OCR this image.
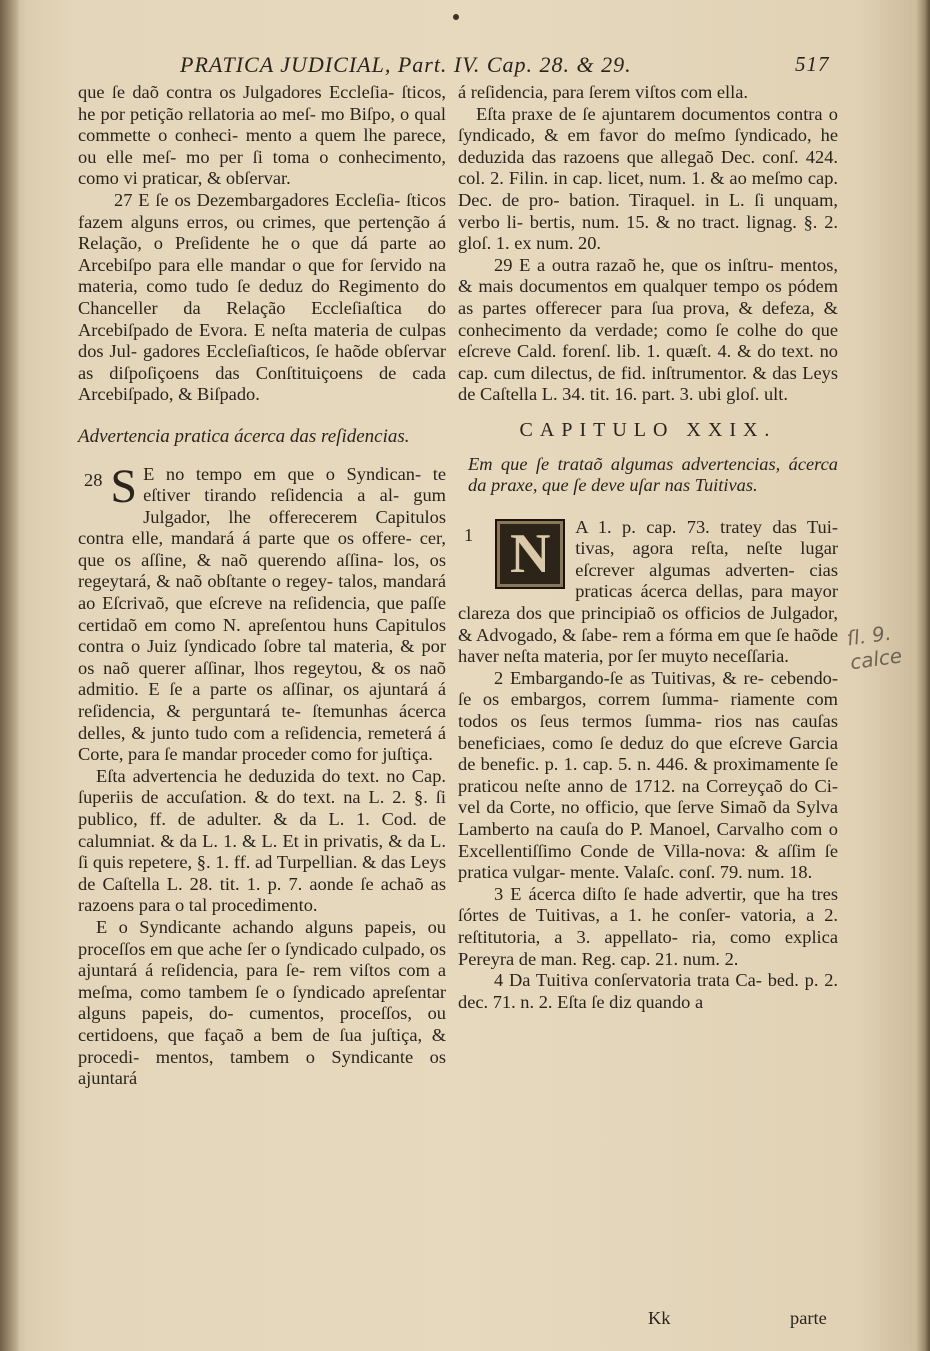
PRATICA JUDICIAL, Part. IV. Cap. 28. & 29.	517

que ſe daõ contra os Julgadores Eccleſia- ſticos, he por petição rellatoria ao meſ- mo Biſpo, o qual commette o conheci- mento a quem lhe parece, ou elle meſ- mo per ſi toma o conhecimento, como vi praticar, & obſervar.

27 E ſe os Dezembargadores Eccleſia- ſticos fazem alguns erros, ou crimes, que pertenção á Relação, o Preſidente he o que dá parte ao Arcebiſpo para elle mandar o que for ſervido na materia, como tudo ſe deduz do Regimento do Chanceller da Relação Eccleſiaſtica do Arcebiſpado de Evora. E neſta materia de culpas dos Jul- gadores Eccleſiaſticos, ſe haõde obſervar as diſpoſiçoens das Conſtituiçoens de cada Arcebiſpado, & Biſpado.

Advertencia pratica ácerca das reſidencias.

28 S E no tempo em que o Syndican- te eſtiver tirando reſidencia a al- gum Julgador, lhe offerecerem Capitulos contra elle, mandará á parte que os offere- cer, que os aſſine, & naõ querendo aſſina- los, os regeytará, & naõ obſtante o regey- talos, mandará ao Eſcrivaõ, que eſcreve na reſidencia, que paſſe certidaõ em como N. apreſentou huns Capitulos contra o Juiz ſyndicado ſobre tal materia, & por os naõ querer aſſinar, lhos regeytou, & os naõ admitio. E ſe a parte os aſſinar, os ajuntará á reſidencia, & perguntará te- ſtemunhas ácerca delles, & junto tudo com a reſidencia, remeterá á Corte, para ſe mandar proceder como for juſtiça.

Eſta advertencia he deduzida do text. no Cap. ſuperiis de accuſation. & do text. na L. 2. §. ſi publico, ff. de adulter. & da L. 1. Cod. de calumniat. & da L. 1. & L. Et in privatis, & da L. ſi quis repetere, §. 1. ff. ad Turpellian. & das Leys de Caſtella L. 28. tit. 1. p. 7. aonde ſe achaõ as razoens para o tal procedimento.

E o Syndicante achando alguns papeis, ou proceſſos em que ache ſer o ſyndicado culpado, os ajuntará á reſidencia, para ſe- rem viſtos com a meſma, como tambem ſe o ſyndicado apreſentar alguns papeis, do- cumentos, proceſſos, ou certidoens, que façaõ a bem de ſua juſtiça, & procedi- mentos, tambem o Syndicante os ajuntará

á reſidencia, para ſerem viſtos com ella.

Eſta praxe de ſe ajuntarem documentos contra o ſyndicado, & em favor do meſmo ſyndicado, he deduzida das razoens que allegaõ Dec. conſ. 424. col. 2. Filin. in cap. licet, num. 1. & ao meſmo cap. Dec. de pro- bation. Tiraquel. in L. ſi unquam, verbo li- bertis, num. 15. & no tract. lignag. §. 2. gloſ. 1. ex num. 20.

29 E a outra razaõ he, que os inſtru- mentos, & mais documentos em qualquer tempo os pódem as partes offerecer para ſua prova, & defeza, & conhecimento da verdade; como ſe colhe do que eſcreve Cald. forenſ. lib. 1. quæſt. 4. & do text. no cap. cum dilectus, de fid. inſtrumentor. & das Leys de Caſtella L. 34. tit. 16. part. 3. ubi gloſ. ult.

CAPITULO XXIX.

Em que ſe trataõ algumas advertencias, ácerca da praxe, que ſe deve uſar nas Tuitivas.

1 N	A 1. p. cap. 73. tratey das Tui- tivas, agora reſta, neſte lugar eſcrever algumas adverten- cias praticas ácerca dellas, para mayor clareza dos que principiaõ os officios de Julgador, & Advogado, & ſabe- rem a fórma em que ſe haõde haver neſta materia, por ſer muyto neceſſaria.

2 Embargando-ſe as Tuitivas, & re- cebendo-ſe os embargos, correm ſumma- riamente com todos os ſeus termos ſumma- rios nas cauſas beneficiaes, como ſe deduz do que eſcreve Garcia de benefic. p. 1. cap. 5. n. 446. & proximamente ſe praticou neſte anno de 1712. na Correyçaõ do Ci- vel da Corte, no officio, que ſerve Simaõ da Sylva Lamberto na cauſa do P. Manoel, Carvalho com o Excellentiſſimo Conde de Villa-nova: & aſſim ſe pratica vulgar- mente. Valaſc. conſ. 79. num. 18.

3 E ácerca diſto ſe hade advertir, que ha tres ſórtes de Tuitivas, a 1. he conſer- vatoria, a 2. reſtitutoria, a 3. appellato- ria, como explica Pereyra de man. Reg. cap. 21. num. 2.

4 Da Tuitiva conſervatoria trata Ca- bed. p. 2. dec. 71. n. 2. Eſta ſe diz quando a

ſl. 9. calce
Kk	parte
